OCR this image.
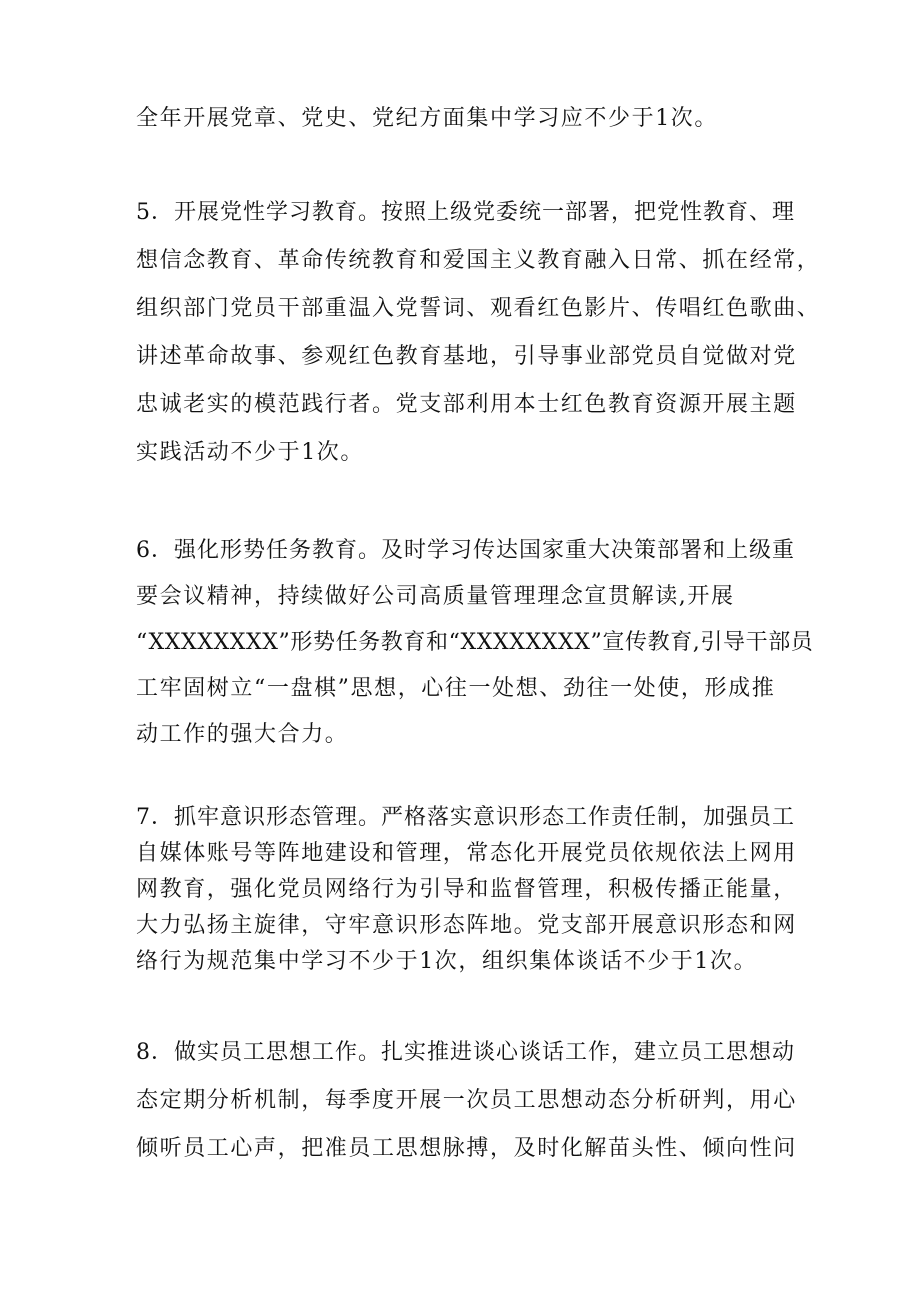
全年开展党章、党史、党纪方面集中学习应不少于1次。
5．开展党性学习教育。按照上级党委统一部署，把党性教育、理
想信念教育、革命传统教育和爱国主义教育融入日常、抓在经常，
组织部门党员干部重温入党誓词、观看红色影片、传唱红色歌曲、
讲述革命故事、参观红色教育基地，引导事业部党员自觉做对党
忠诚老实的模范践行者。党支部利用本士红色教育资源开展主题
实践活动不少于1次。
6．强化形势任务教育。及时学习传达国家重大决策部署和上级重
要会议精神，持续做好公司高质量管理理念宣贯解读,开展
“XXXXXXXX”形势任务教育和“XXXXXXXX”宣传教育,引导干部员
工牢固树立“一盘棋”思想，心往一处想、劲往一处使，形成推
动工作的强大合力。
7．抓牢意识形态管理。严格落实意识形态工作责任制，加强员工
自媒体账号等阵地建设和管理，常态化开展党员依规依法上网用
网教育，强化党员网络行为引导和监督管理，积极传播正能量，
大力弘扬主旋律，守牢意识形态阵地。党支部开展意识形态和网
络行为规范集中学习不少于1次，组织集体谈话不少于1次。
8．做实员工思想工作。扎实推进谈心谈话工作，建立员工思想动
态定期分析机制，每季度开展一次员工思想动态分析研判，用心
倾听员工心声，把准员工思想脉搏，及时化解苗头性、倾向性问
